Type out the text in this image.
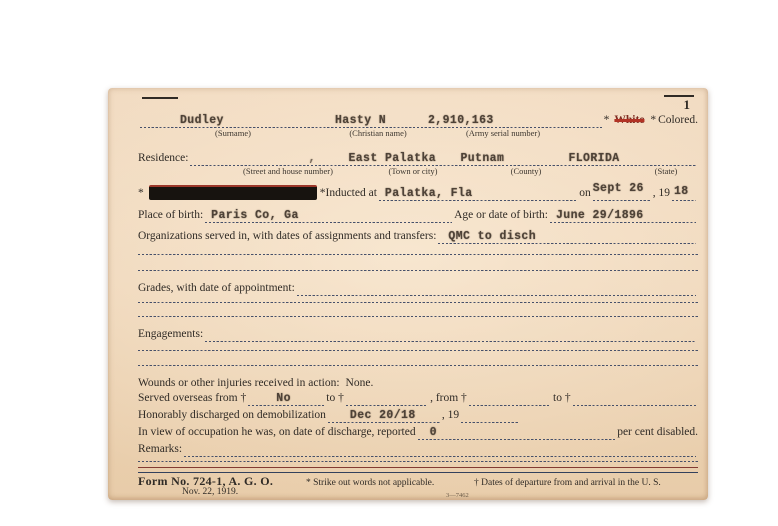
1
Dudley	Hasty N	2,910,163	* White * Colored.
(Surname)	(Christian name)	(Army serial number)
Residence:	,	East Palatka Putnam	FLORIDA
(Street and house number)	(Town or city)	(County)	(State)
*	*Inducted at Palatka, Fla	on Sept 26 , 19 18
Place of birth: Paris Co, Ga	Age or date of birth: June 29/1896
Organizations served in, with dates of assignments and transfers: QMC to disch
Grades, with date of appointment:
Engagements:
Wounds or other injuries received in action: None.
Served overseas from †	No	to †	, from †	to †
Honorably discharged on demobilization Dec 20/18 , 19
In view of occupation he was, on date of discharge, reported 0	per cent disabled.
Remarks:
Form No. 724-1, A. G. O.
Nov. 22, 1919.
* Strike out words not applicable.	† Dates of departure from and arrival in the U. S.
3—7462
